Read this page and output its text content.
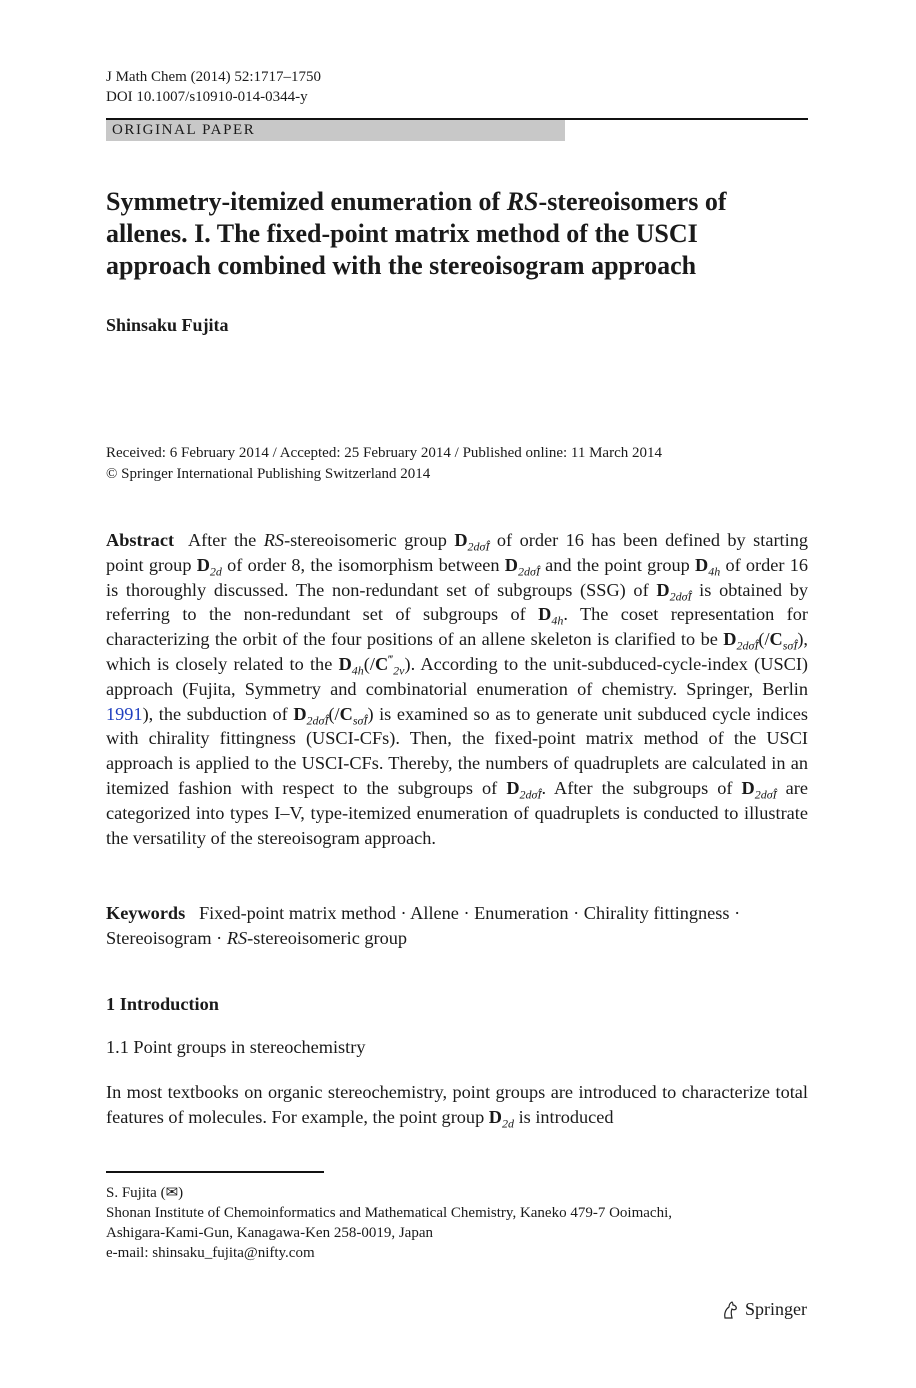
J Math Chem (2014) 52:1717–1750
DOI 10.1007/s10910-014-0344-y
ORIGINAL PAPER
Symmetry-itemized enumeration of RS-stereoisomers of allenes. I. The fixed-point matrix method of the USCI approach combined with the stereoisogram approach
Shinsaku Fujita
Received: 6 February 2014 / Accepted: 25 February 2014 / Published online: 11 March 2014
© Springer International Publishing Switzerland 2014
Abstract After the RS-stereoisomeric group $D_{2d\sigmãÎ}$ of order 16 has been defined by starting point group $D_{2d}$ of order 8, the isomorphism between $D_{2d\sigmãÎ}$ and the point group $D_{4h}$ of order 16 is thoroughly discussed. The non-redundant set of subgroups (SSG) of $D_{2d\sigmãÎ}$ is obtained by referring to the non-redundant set of subgroups of $D_{4h}$. The coset representation for characterizing the orbit of the four positions of an allene skeleton is clarified to be $D_{2d\sigmãÎ}(/C_{s\sigmãÎ})$, which is closely related to the $D_{4h}(/C^‴_{2v})$. According to the unit-subduced-cycle-index (USCI) approach (Fujita, Symmetry and combinatorial enumeration of chemistry. Springer, Berlin 1991), the subduction of $D_{2d\sigmãÎ}(/C_{s\sigmãÎ})$ is examined so as to generate unit subduced cycle indices with chirality fittingness (USCI-CFs). Then, the fixed-point matrix method of the USCI approach is applied to the USCI-CFs. Thereby, the numbers of quadruplets are calculated in an itemized fashion with respect to the subgroups of $D_{2d\sigmãÎ}$. After the subgroups of $D_{2d\sigmãÎ}$ are categorized into types I–V, type-itemized enumeration of quadruplets is conducted to illustrate the versatility of the stereoisogram approach.
Keywords Fixed-point matrix method · Allene · Enumeration · Chirality fittingness · Stereoisogram · RS-stereoisomeric group
1 Introduction
1.1 Point groups in stereochemistry
In most textbooks on organic stereochemistry, point groups are introduced to characterize total features of molecules. For example, the point group $D_{2d}$ is introduced
S. Fujita (✉)
Shonan Institute of Chemoinformatics and Mathematical Chemistry, Kaneko 479-7 Ooimachi,
Ashigara-Kami-Gun, Kanagawa-Ken 258-0019, Japan
e-mail: shinsaku_fujita@nifty.com
Springer
